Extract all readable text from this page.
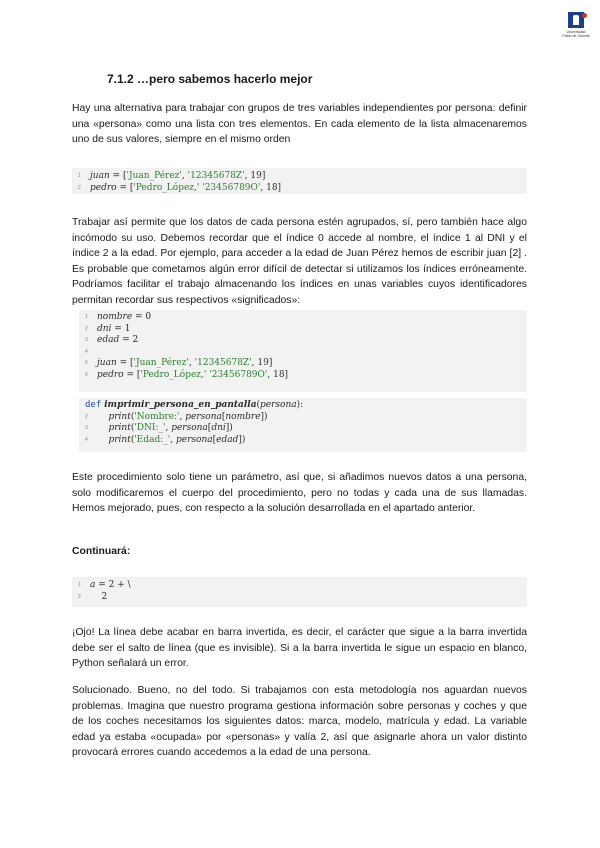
Universidad
Pablo de Olavide
7.1.2 …pero sabemos hacerlo mejor
Hay una alternativa para trabajar con grupos de tres variables independientes por persona: definir una «persona» como una lista con tres elementos. En cada elemento de la lista almacenaremos uno de sus valores, siempre en el mismo orden
1 juan = ['Juan_Pérez', '12345678Z', 19]
2 pedro = ['Pedro_López,' '23456789O', 18]
Trabajar así permite que los datos de cada persona estén agrupados, sí, pero también hace algo incómodo su uso. Debemos recordar que el índice 0 accede al nombre, el índice 1 al DNI y el índice 2 a la edad. Por ejemplo, para acceder a la edad de Juan Pérez hemos de escribir juan [2] . Es probable que cometamos algún error difícil de detectar si utilizamos los índices erróneamente. Podríamos facilitar el trabajo almacenando los índices en unas variables cuyos identificadores permitan recordar sus respectivos «significados»:
1 nombre = 0
2 dni = 1
3 edad = 2
4
5 juan = ['Juan_Pérez', '12345678Z', 19]
6 pedro = ['Pedro_López,' '23456789O', 18]
def imprimir_persona_en_pantalla(persona):
2 print('Nombre:', persona[nombre])
3 print('DNI:_', persona[dni])
4 print('Edad:_', persona[edad])
Este procedimiento solo tiene un parámetro, así que, si añadimos nuevos datos a una persona, solo modificaremos el cuerpo del procedimiento, pero no todas y cada una de sus llamadas. Hemos mejorado, pues, con respecto a la solución desarrollada en el apartado anterior.
Continuará:
1 a = 2 + \
2 2
¡Ojo! La línea debe acabar en barra invertida, es decir, el carácter que sigue a la barra invertida debe ser el salto de línea (que es invisible). Si a la barra invertida le sigue un espacio en blanco, Python señalará un error.
Solucionado. Bueno, no del todo. Si trabajamos con esta metodología nos aguardan nuevos problemas. Imagina que nuestro programa gestiona información sobre personas y coches y que de los coches necesitamos los siguientes datos: marca, modelo, matrícula y edad. La variable edad ya estaba «ocupada» por «personas» y valía 2, así que asignarle ahora un valor distinto provocará errores cuando accedemos a la edad de una persona.
